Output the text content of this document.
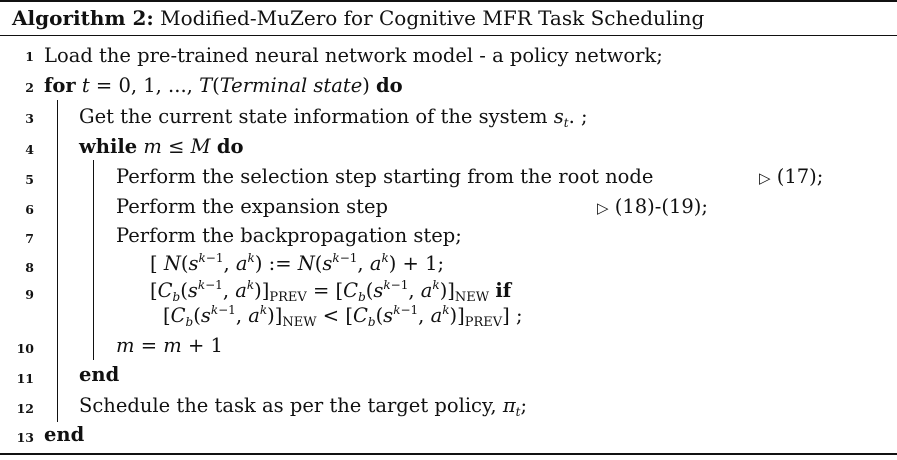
Algorithm 2: Modified-MuZero for Cognitive MFR Task Scheduling
1 Load the pre-trained neural network model - a policy network;
2 for t = 0, 1, ..., T(Terminal state) do
3 Get the current state information of the system $s_t$. ;
4 while m ≤ M do
5	Perform the selection step starting from the root node	▷ (17);
6	Perform the expansion step	▷ (18)-(19);
7	Perform the backpropagation step;
8	[ $N(s^{k-1}$, $a^k$) := $N(s^{k-1}$, $a^k) + 1$;
9	[$C_b(s^{k-1}$, $a^k)]_{PREV} = [C_b(s^{k-1}$, $a^k)]_{NEW}$ if
[$C_b(s^{k-1}$, $a^k)]_{NEW} < [C_b(s^{k-1}$, $a^k)]_{PREV}$] ;
10	m = m + 1
11 end
12 Schedule the task as per the target policy, $\pi_t$;
13 end
